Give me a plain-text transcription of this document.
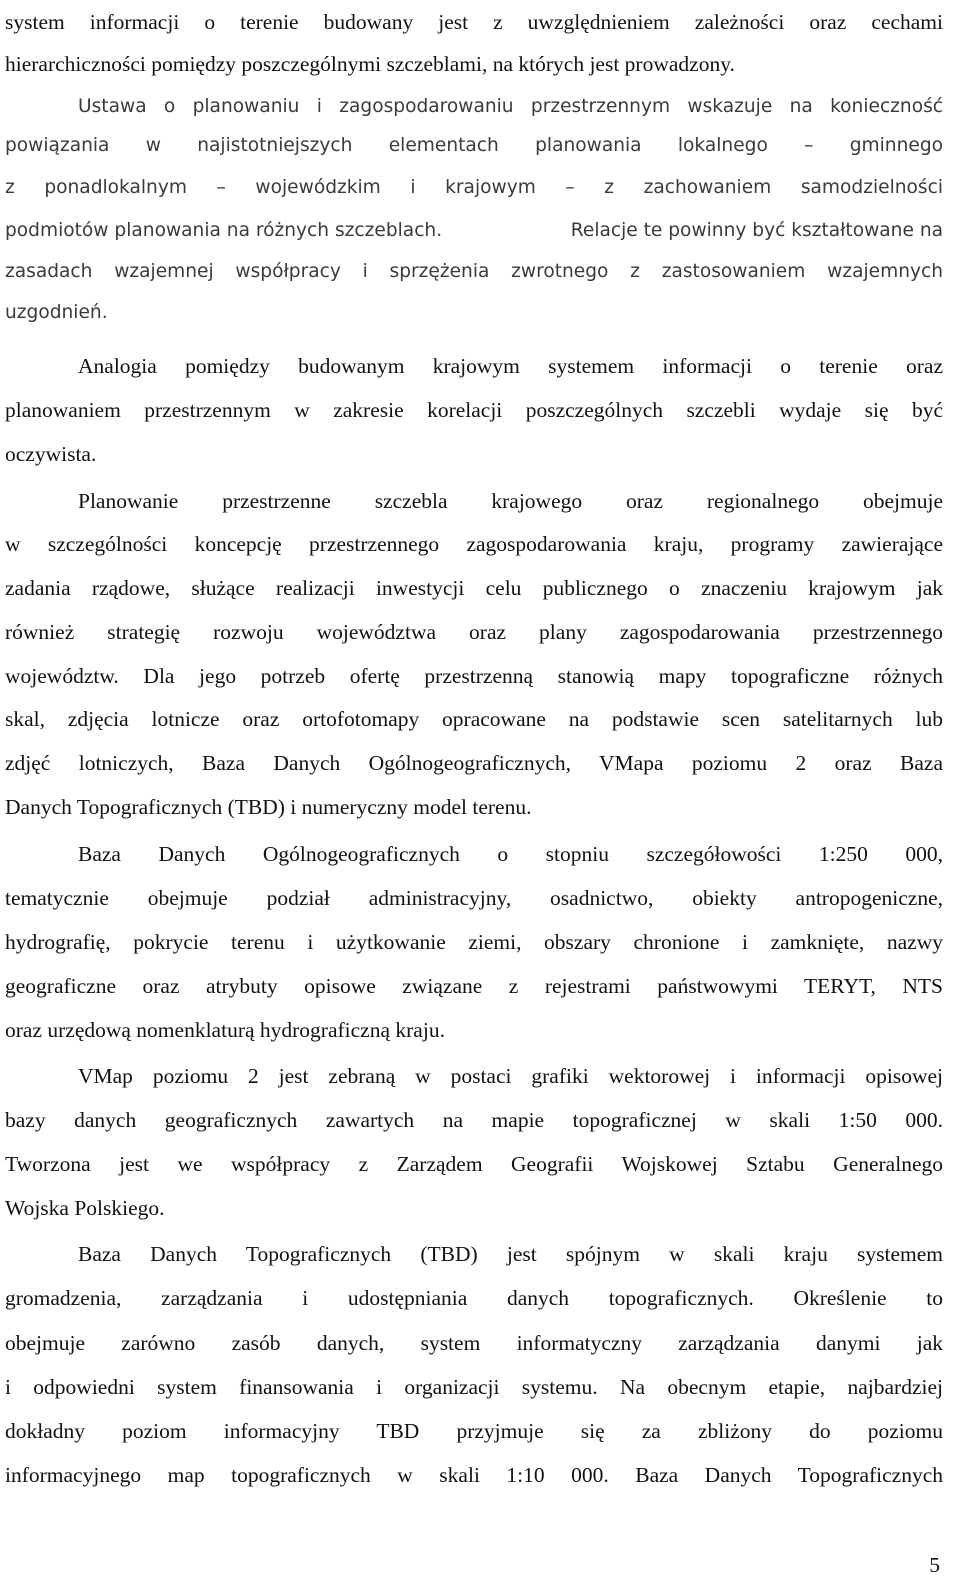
system informacji o terenie budowany jest z uwzględnieniem zależności oraz cechami
hierarchiczności pomiędzy poszczególnymi szczeblami, na których jest prowadzony.
Ustawa o planowaniu i zagospodarowaniu przestrzennym wskazuje na konieczność
powiązania w najistotniejszych elementach planowania lokalnego – gminnego
z ponadlokalnym – wojewódzkim i krajowym – z zachowaniem samodzielności
podmiotów planowania na różnych szczeblach.	Relacje te powinny być kształtowane na
zasadach wzajemnej współpracy i sprzężenia zwrotnego z zastosowaniem wzajemnych
uzgodnień.
Analogia pomiędzy budowanym krajowym systemem informacji o terenie oraz
planowaniem przestrzennym w zakresie korelacji poszczególnych szczebli wydaje się być
oczywista.
Planowanie przestrzenne szczebla krajowego oraz regionalnego obejmuje
w szczególności koncepcję przestrzennego zagospodarowania kraju, programy zawierające
zadania rządowe, służące realizacji inwestycji celu publicznego o znaczeniu krajowym jak
również strategię rozwoju województwa oraz plany zagospodarowania przestrzennego
województw. Dla jego potrzeb ofertę przestrzenną stanowią mapy topograficzne różnych
skal, zdjęcia lotnicze oraz ortofotomapy opracowane na podstawie scen satelitarnych lub
zdjęć lotniczych, Baza Danych Ogólnogeograficznych, VMapa poziomu 2 oraz Baza
Danych Topograficznych (TBD) i numeryczny model terenu.
Baza Danych Ogólnogeograficznych o stopniu szczegółowości 1:250 000,
tematycznie obejmuje podział administracyjny, osadnictwo, obiekty antropogeniczne,
hydrografię, pokrycie terenu i użytkowanie ziemi, obszary chronione i zamknięte, nazwy
geograficzne oraz atrybuty opisowe związane z rejestrami państwowymi TERYT, NTS
oraz urzędową nomenklaturą hydrograficzną kraju.
VMap poziomu 2 jest zebraną w postaci grafiki wektorowej i informacji opisowej
bazy danych geograficznych zawartych na mapie topograficznej w skali 1:50 000.
Tworzona jest we współpracy z Zarządem Geografii Wojskowej Sztabu Generalnego
Wojska Polskiego.
Baza Danych Topograficznych (TBD) jest spójnym w skali kraju systemem
gromadzenia, zarządzania i udostępniania danych topograficznych. Określenie to
obejmuje zarówno zasób danych, system informatyczny zarządzania danymi jak
i odpowiedni system finansowania i organizacji systemu. Na obecnym etapie, najbardziej
dokładny poziom informacyjny TBD przyjmuje się za zbliżony do poziomu
informacyjnego map topograficznych w skali 1:10 000. Baza Danych Topograficznych
5
